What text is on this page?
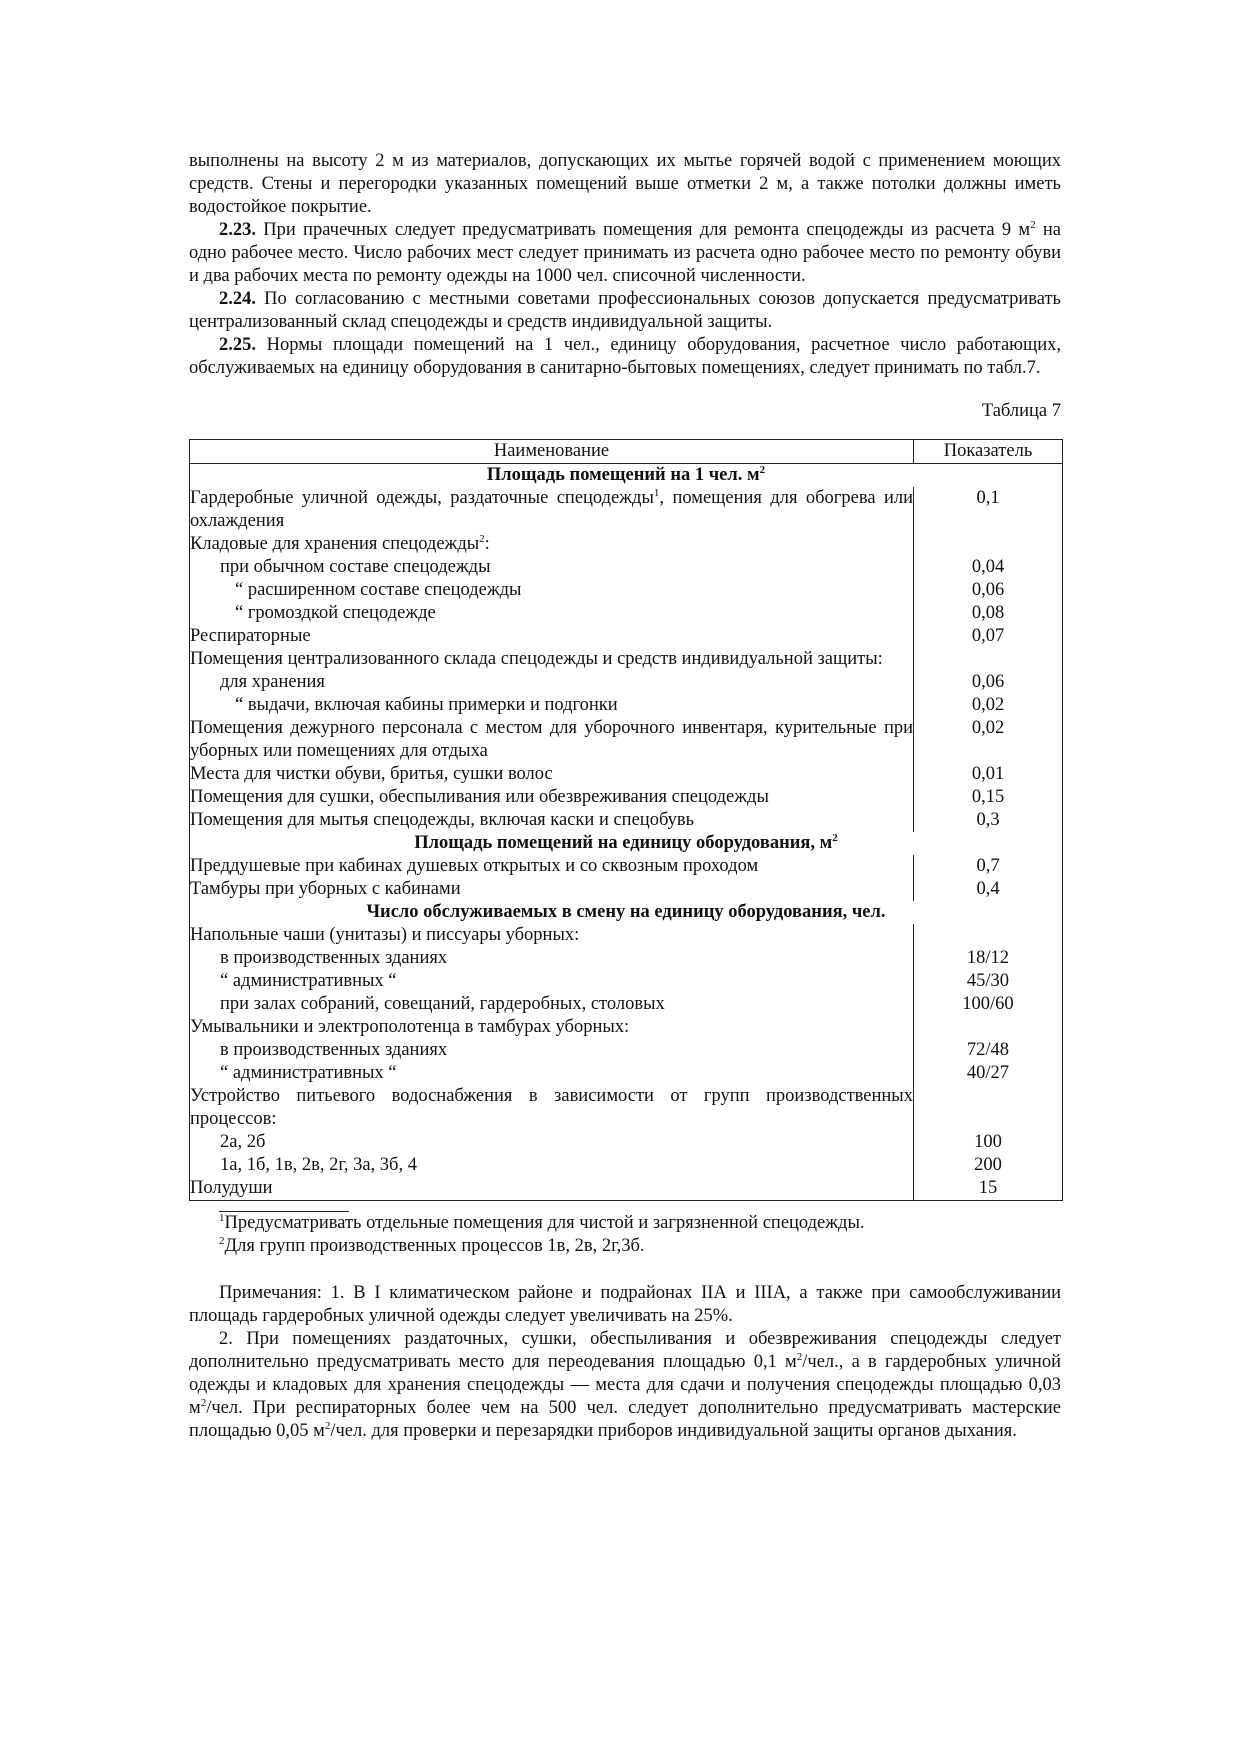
выполнены на высоту 2 м из материалов, допускающих их мытье горячей водой с применением моющих средств. Стены и перегородки указанных помещений выше отметки 2 м, а также потолки должны иметь водостойкое покрытие.

2.23. При прачечных следует предусматривать помещения для ремонта спецодежды из расчета 9 $м^2$ на одно рабочее место. Число рабочих мест следует принимать из расчета одно рабочее место по ремонту обуви и два рабочих места по ремонту одежды на 1000 чел. списочной численности.

2.24. По согласованию с местными советами профессиональных союзов допускается предусматривать централизованный склад спецодежды и средств индивидуальной защиты.

2.25. Нормы площади помещений на 1 чел., единицу оборудования, расчетное число работающих, обслуживаемых на единицу оборудования в санитарно-бытовых помещениях, следует принимать по табл.7.

Таблица 7
Наименование	Показатель
Площадь помещений на 1 чел. $м^2$
Гардеробные уличной одежды, раздаточные спецодежды$^1$, помещения для обогрева или охлаждения	0,1
Кладовые для хранения спецодежды$^2$:	
при обычном составе спецодежды	0,04
“ расширенном составе спецодежды	0,06
“ громоздкой спецодежде	0,08
Респираторные	0,07
Помещения централизованного склада спецодежды и средств индивидуальной защиты:	
для хранения	0,06
“ выдачи, включая кабины примерки и подгонки	0,02
Помещения дежурного персонала с местом для уборочного инвентаря, курительные при уборных или помещениях для отдыха	0,02
Места для чистки обуви, бритья, сушки волос	0,01
Помещения для сушки, обеспыливания или обезвреживания спецодежды	0,15
Помещения для мытья спецодежды, включая каски и спецобувь	0,3
Площадь помещений на единицу оборудования, $м^2$
Преддушевые при кабинах душевых открытых и со сквозным проходом	0,7
Тамбуры при уборных с кабинами	0,4
Число обслуживаемых в смену на единицу оборудования, чел.	
Напольные чаши (унитазы) и писсуары уборных:	
в производственных зданиях	18/12
“ административных “	45/30
при залах собраний, совещаний, гардеробных, столовых	100/60
Умывальники и электрополотенца в тамбурах уборных:	
в производственных зданиях	72/48
“ административных “	40/27
Устройство питьевого водоснабжения в зависимости от групп производственных процессов:	
2а, 2б	100
1а, 1б, 1в, 2в, 2г, 3а, 3б, 4	200
Полудуши	15
$^1$Предусматривать отдельные помещения для чистой и загрязненной спецодежды.
$^2$Для групп производственных процессов 1в, 2в, 2г,3б.

Примечания: 1. В I климатическом районе и подрайонах IIА и IIIА, а также при самообслуживании площадь гардеробных уличной одежды следует увеличивать на 25%.

2. При помещениях раздаточных, сушки, обеспыливания и обезвреживания спецодежды следует дополнительно предусматривать место для переодевания площадью 0,1 $м^2$/чел., а в гардеробных уличной одежды и кладовых для хранения спецодежды — места для сдачи и получения спецодежды площадью 0,03 $м^2$/чел. При респираторных более чем на 500 чел. следует дополнительно предусматривать мастерские площадью 0,05 $м^2$/чел. для проверки и перезарядки приборов индивидуальной защиты органов дыхания.
